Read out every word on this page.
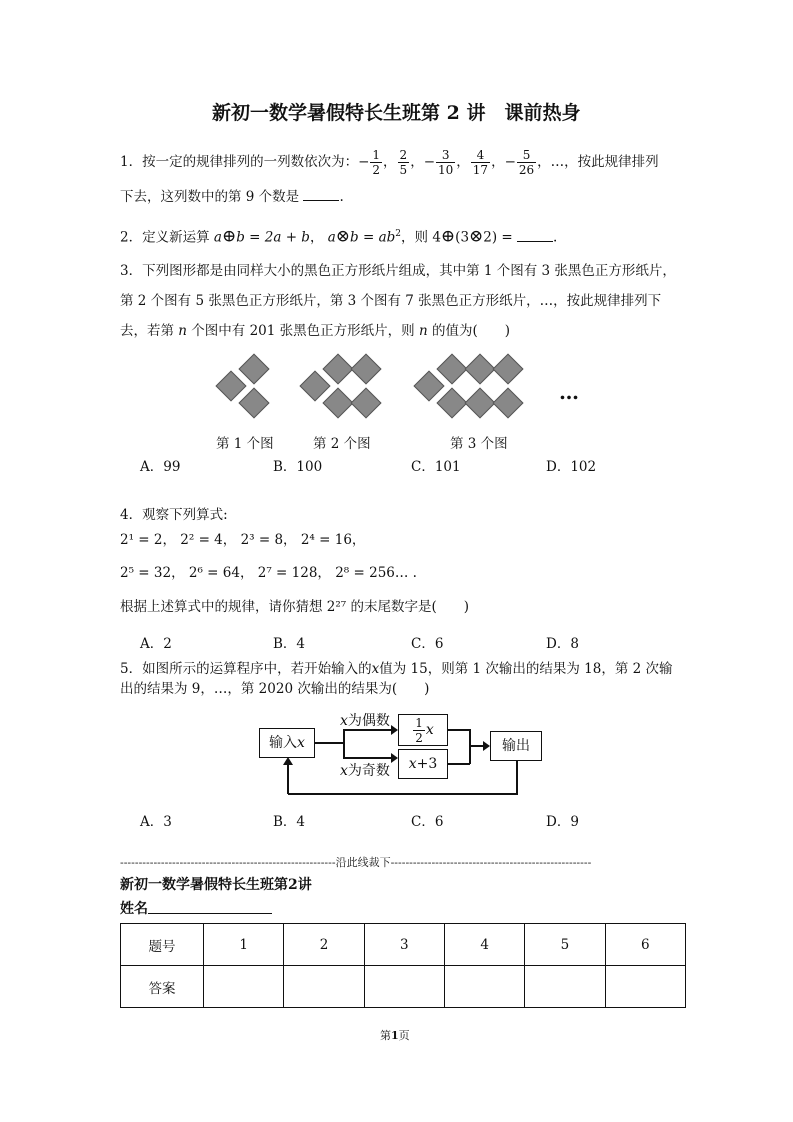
新初一数学暑假特长生班第 2 讲　课前热身
1．按一定的规律排列的一列数依次为：− $\frac{1}{2}$ ， $\frac{2}{5}$ ，− $\frac{3}{10}$ ， $\frac{4}{17}$ ，− $\frac{5}{26}$ ，…，按此规律排列
下去，这列数中的第 9 个数是	.
2．定义新运算 a⊕b = 2a + b， a⊗b = $ab^2$，则 4⊕(3⊗2) =	.
3．下列图形都是由同样大小的黑色正方形纸片组成，其中第 1 个图有 3 张黑色正方形纸片，
第 2 个图有 5 张黑色正方形纸片，第 3 个图有 7 张黑色正方形纸片，…，按此规律排列下
去，若第 n 个图中有 201 张黑色正方形纸片，则 n 的值为(　　)
…
第 1 个图	第 2 个图	第 3 个图
A．99	B．100	C．101	D．102
4．观察下列算式:
2¹ = 2， 2² = 4， 2³ = 8， 2⁴ = 16，
2⁵ = 32， 2⁶ = 64， 2⁷ = 128， 2⁸ = 256… .
根据上述算式中的规律，请你猜想 2²⁷ 的末尾数字是(　　)
A．2	B．4	C．6	D．8
5．如图所示的运算程序中，若开始输入的x值为 15，则第 1 次输出的结果为 18，第 2 次输
出的结果为 9，…，第 2020 次输出的结果为(　　)
输入x	$\frac{1}{2}$ x
x+3
输出
x为偶数
x为奇数
A．3	B．4	C．6	D．9
----------------------------------------------------------沿此线裁下------------------------------------------------------
新初一数学暑假特长生班第2讲
姓名
题号	1	2	3	4	5	6
答案						
第1页
